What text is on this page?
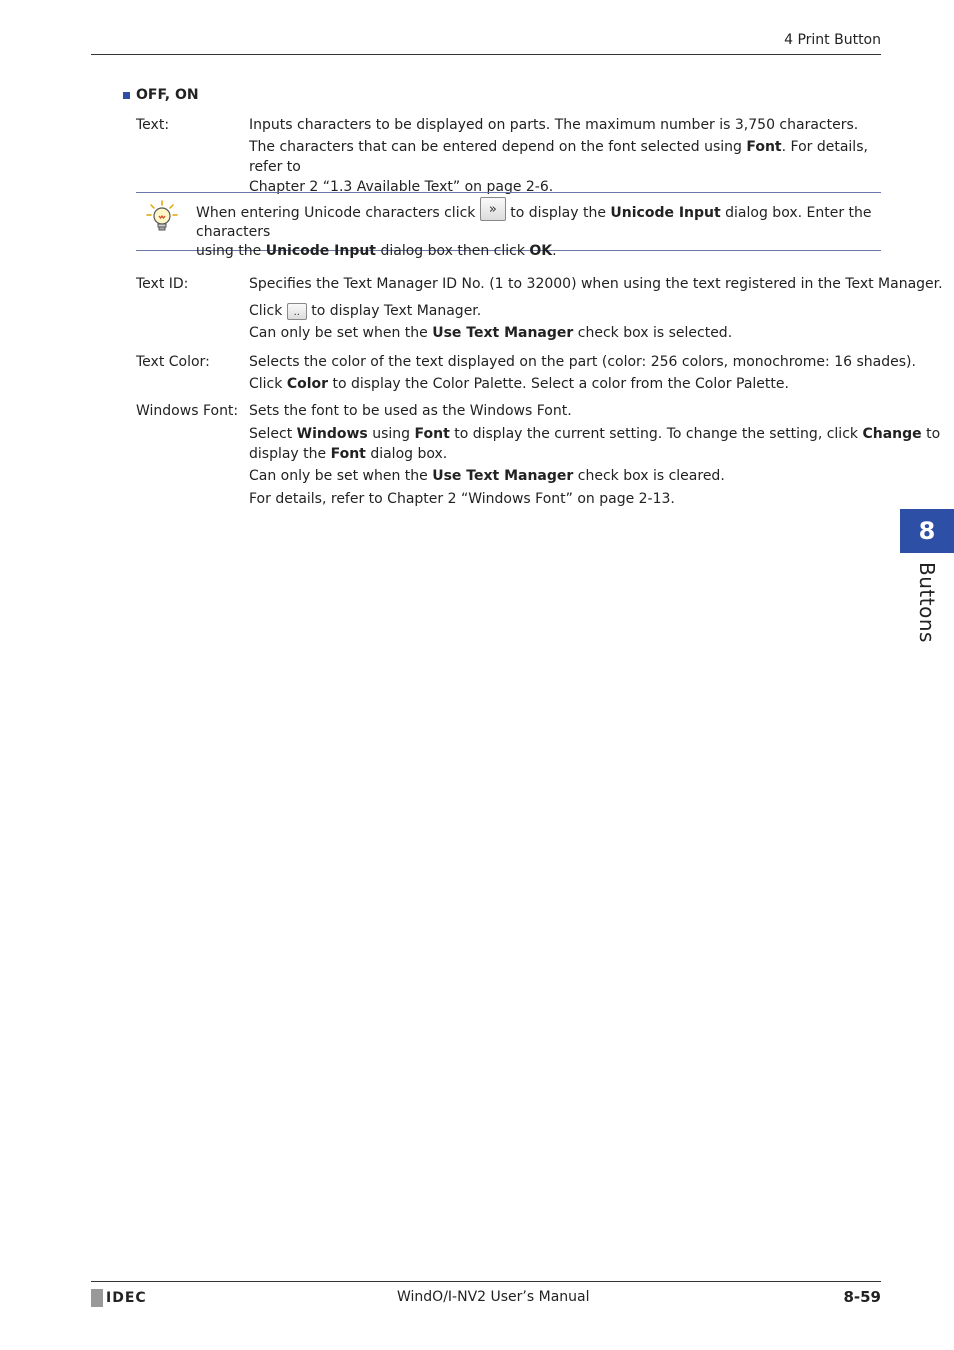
4 Print Button
OFF, ON
Text:	Inputs characters to be displayed on parts. The maximum number is 3,750 characters.

The characters that can be entered depend on the font selected using Font. For details, refer to

Chapter 2 “1.3 Available Text” on page 2-6.

When entering Unicode characters click » to display the Unicode Input dialog box. Enter the characters
using the Unicode Input dialog box then click OK.
Text ID:	Specifies the Text Manager ID No. (1 to 32000) when using the text registered in the Text Manager.

Click .. to display Text Manager.

Can only be set when the Use Text Manager check box is selected.

Text Color:	Selects the color of the text displayed on the part (color: 256 colors, monochrome: 16 shades).

Click Color to display the Color Palette. Select a color from the Color Palette.

Windows Font: Sets the font to be used as the Windows Font.

Select Windows using Font to display the current setting. To change the setting, click Change to

display the Font dialog box.

Can only be set when the Use Text Manager check box is cleared.

For details, refer to Chapter 2 “Windows Font” on page 2-13.

8
Buttons
IDEC	WindO/I-NV2 User’s Manual	8-59
